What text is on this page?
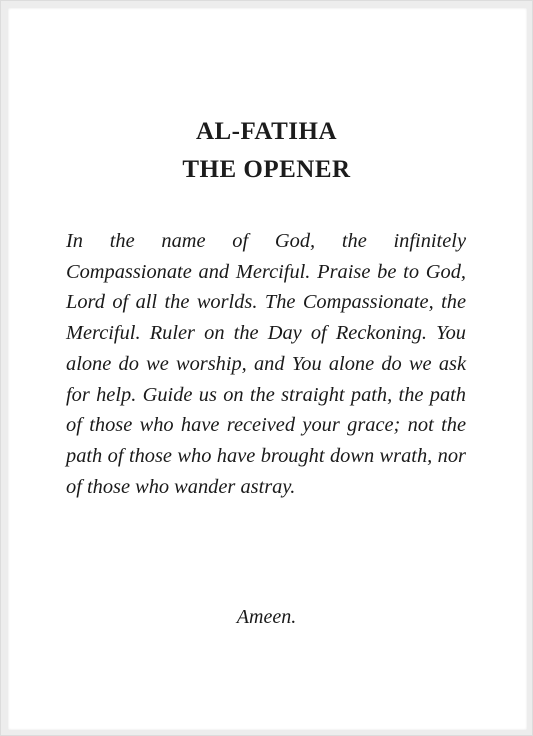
AL-FATIHA
THE OPENER

In the name of God, the infinitely Compassionate and Merciful. Praise be to God, Lord of all the worlds. The Compassionate, the Merciful. Ruler on the Day of Reckoning. You alone do we worship, and You alone do we ask for help. Guide us on the straight path, the path of those who have received your grace; not the path of those who have brought down wrath, nor of those who wander astray.

Ameen.
